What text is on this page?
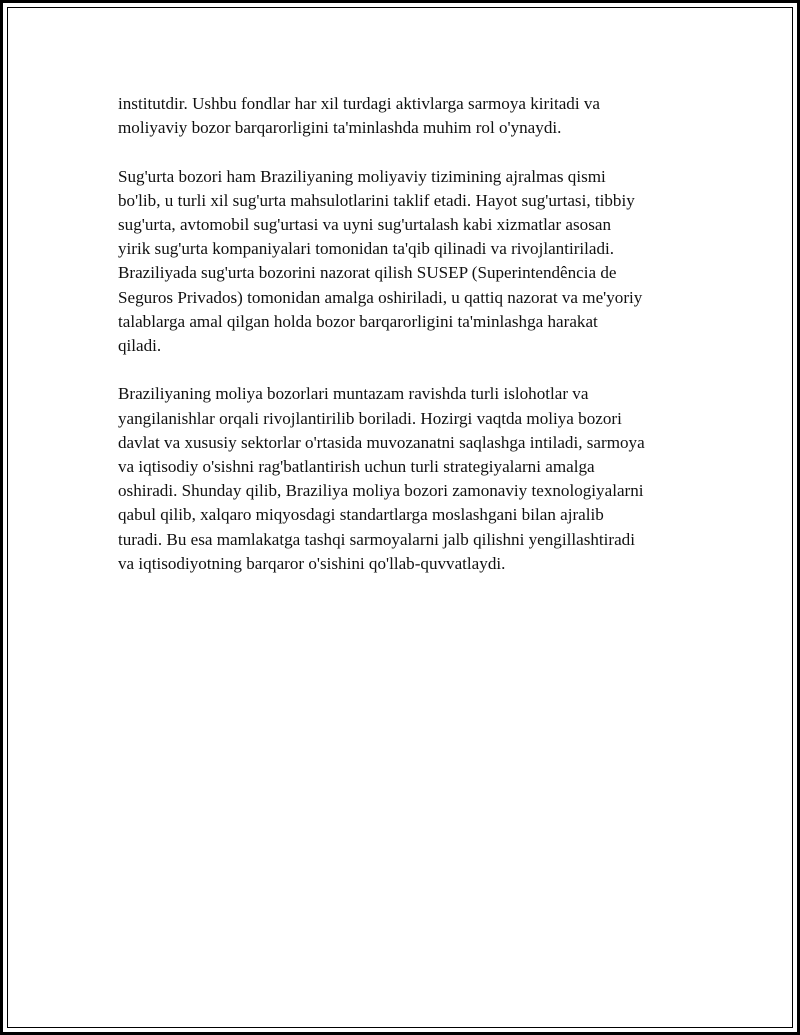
institutdir. Ushbu fondlar har xil turdagi aktivlarga sarmoya kiritadi va
moliyaviy bozor barqarorligini ta'minlashda muhim rol o'ynaydi.

Sug'urta bozori ham Braziliyaning moliyaviy tizimining ajralmas qismi
bo'lib, u turli xil sug'urta mahsulotlarini taklif etadi. Hayot sug'urtasi, tibbiy
sug'urta, avtomobil sug'urtasi va uyni sug'urtalash kabi xizmatlar asosan
yirik sug'urta kompaniyalari tomonidan ta'qib qilinadi va rivojlantiriladi.
Braziliyada sug'urta bozorini nazorat qilish SUSEP (Superintendência de
Seguros Privados) tomonidan amalga oshiriladi, u qattiq nazorat va me'yoriy
talablarga amal qilgan holda bozor barqarorligini ta'minlashga harakat
qiladi.

Braziliyaning moliya bozorlari muntazam ravishda turli islohotlar va
yangilanishlar orqali rivojlantirilib boriladi. Hozirgi vaqtda moliya bozori
davlat va xususiy sektorlar o'rtasida muvozanatni saqlashga intiladi, sarmoya
va iqtisodiy o'sishni rag'batlantirish uchun turli strategiyalarni amalga
oshiradi. Shunday qilib, Braziliya moliya bozori zamonaviy texnologiyalarni
qabul qilib, xalqaro miqyosdagi standartlarga moslashgani bilan ajralib
turadi. Bu esa mamlakatga tashqi sarmoyalarni jalb qilishni yengillashtiradi
va iqtisodiyotning barqaror o'sishini qo'llab-quvvatlaydi.
